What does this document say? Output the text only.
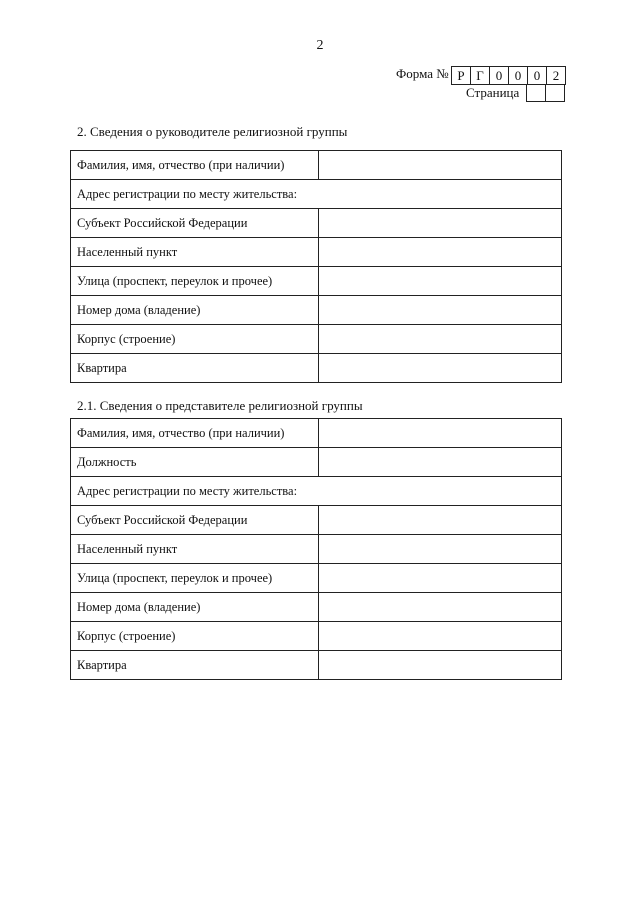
2
Форма № Р Г 0 0 0 2
Страница
2. Сведения о руководителе религиозной группы
Фамилия, имя, отчество (при наличии)	
Адрес регистрации по месту жительства:	
Субъект Российской Федерации	
Населенный пункт	
Улица (проспект, переулок и прочее)	
Номер дома (владение)	
Корпус (строение)	
Квартира	
2.1. Сведения о представителе религиозной группы
Фамилия, имя, отчество (при наличии)	
Должность	
Адрес регистрации по месту жительства:	
Субъект Российской Федерации	
Населенный пункт	
Улица (проспект, переулок и прочее)	
Номер дома (владение)	
Корпус (строение)	
Квартира	
